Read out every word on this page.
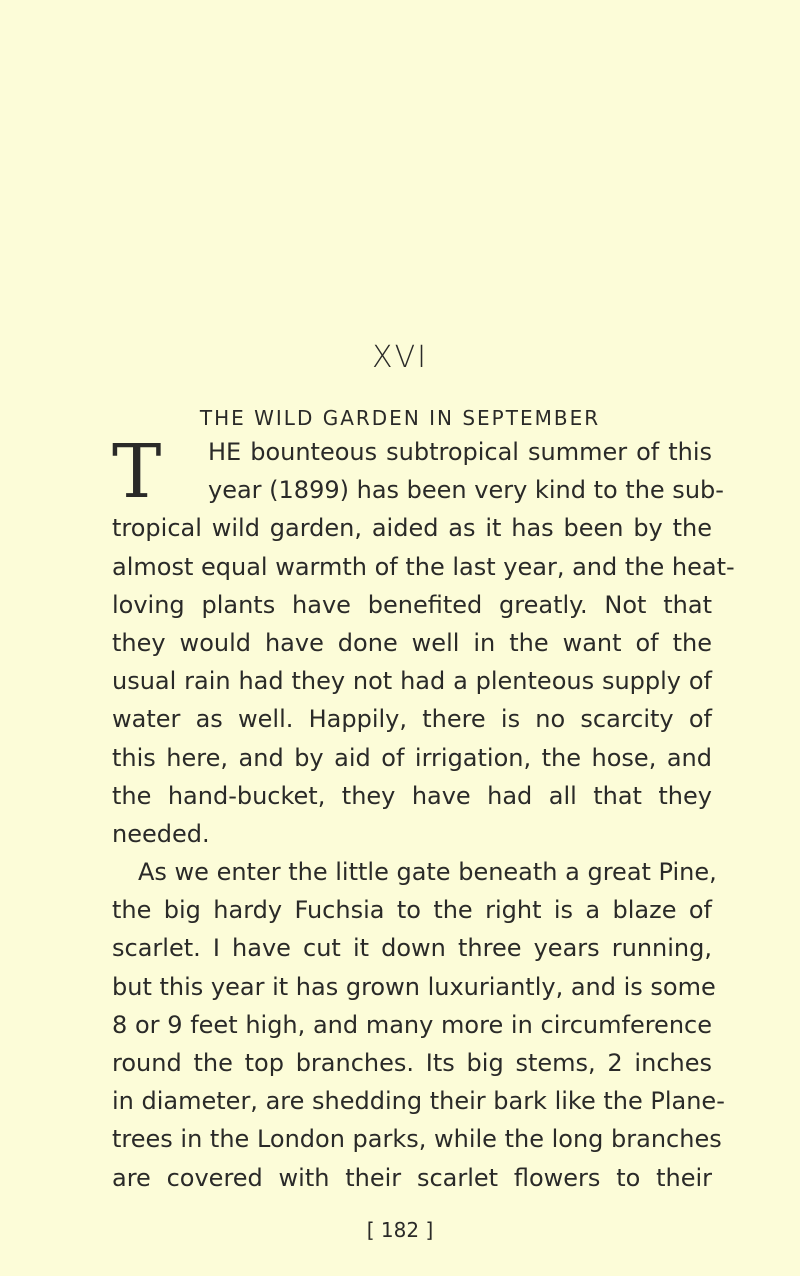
XVI
THE WILD GARDEN IN SEPTEMBER
T	HE bounteous subtropical summer of this
year (1899) has been very kind to the sub-
tropical wild garden, aided as it has been by the
almost equal warmth of the last year, and the heat-
loving plants have benefited greatly. Not that
they would have done well in the want of the
usual rain had they not had a plenteous supply of
water as well. Happily, there is no scarcity of
this here, and by aid of irrigation, the hose, and
the hand-bucket, they have had all that they
needed.
As we enter the little gate beneath a great Pine,
the big hardy Fuchsia to the right is a blaze of
scarlet. I have cut it down three years running,
but this year it has grown luxuriantly, and is some
8 or 9 feet high, and many more in circumference
round the top branches. Its big stems, 2 inches
in diameter, are shedding their bark like the Plane-
trees in the London parks, while the long branches
are covered with their scarlet flowers to their
[ 182 ]
